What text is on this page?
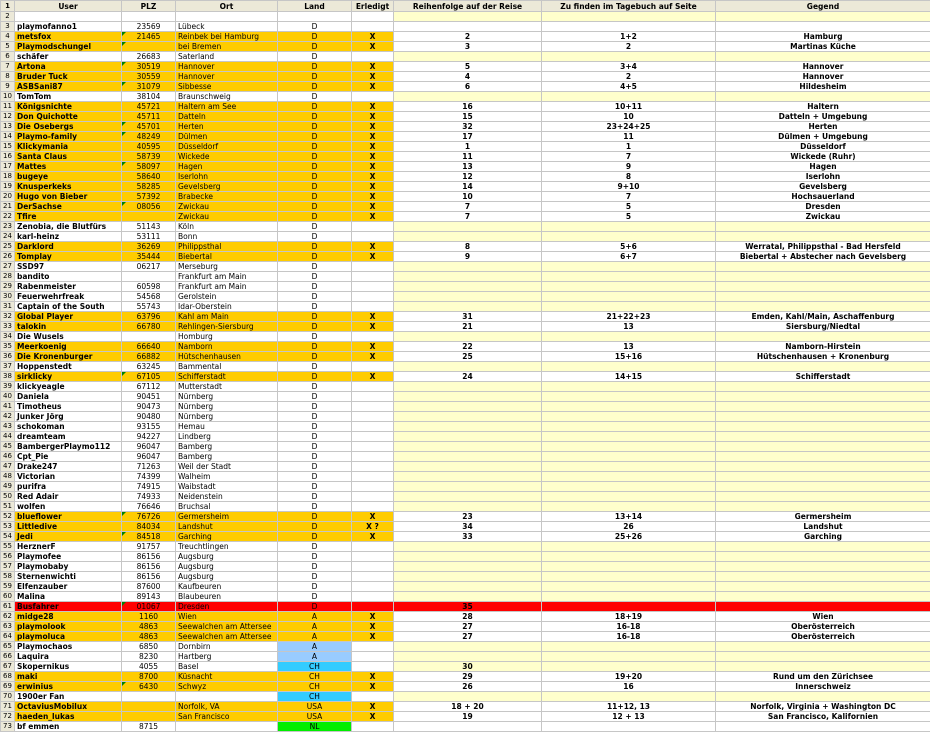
1	User	PLZ	Ort	Land	Erledigt	Reihenfolge auf der Reise	Zu finden im Tagebuch auf Seite	Gegend
2								
3	playmofanno1	23569	Lübeck	D				
4	metsfox	21465	Reinbek bei Hamburg	D	X	2	1+2	Hamburg
5	Playmodschungel		bei Bremen	D	X	3	2	Martinas Küche
6	schäfer	26683	Saterland	D				
7	Artona	30519	Hannover	D	X	5	3+4	Hannover
8	Bruder Tuck	30559	Hannover	D	X	4	2	Hannover
9	ASBSani87	31079	Sibbesse	D	X	6	4+5	Hildesheim
10	TomTom	38104	Braunschweig	D				
11	Königsnichte	45721	Haltern am See	D	X	16	10+11	Haltern
12	Don Quichotte	45711	Datteln	D	X	15	10	Datteln + Umgebung
13	Die Osebergs	45701	Herten	D	X	32	23+24+25	Herten
14	Playmo-family	48249	Dülmen	D	X	17	11	Dülmen + Umgebung
15	Klickymania	40595	Düsseldorf	D	X	1	1	Düsseldorf
16	Santa Claus	58739	Wickede	D	X	11	7	Wickede (Ruhr)
17	Mattes	58097	Hagen	D	X	13	9	Hagen
18	bugeye	58640	Iserlohn	D	X	12	8	Iserlohn
19	Knusperkeks	58285	Gevelsberg	D	X	14	9+10	Gevelsberg
20	Hugo von Bieber	57392	Brabecke	D	X	10	7	Hochsauerland
21	DerSachse	08056	Zwickau	D	X	7	5	Dresden
22	Tfire		Zwickau	D	X	7	5	Zwickau
23	Zenobia, die Blutfürs	51143	Köln	D				
24	karl-heinz	53111	Bonn	D				
25	Darklord	36269	Philippsthal	D	X	8	5+6	Werratal, Philippsthal - Bad Hersfeld
26	Tomplay	35444	Biebertal	D	X	9	6+7	Biebertal + Abstecher nach Gevelsberg
27	SSD97	06217	Merseburg	D				
28	bandito		Frankfurt am Main	D				
29	Rabenmeister	60598	Frankfurt am Main	D				
30	Feuerwehrfreak	54568	Gerolstein	D				
31	Captain of the South	55743	Idar-Oberstein	D				
32	Global Player	63796	Kahl am Main	D	X	31	21+22+23	Emden, Kahl/Main, Aschaffenburg
33	talokin	66780	Rehlingen-Siersburg	D	X	21	13	Siersburg/Niedtal
34	Die Wusels		Homburg	D				
35	Meerkoenig	66640	Namborn	D	X	22	13	Namborn-Hirstein
36	Die Kronenburger	66882	Hütschenhausen	D	X	25	15+16	Hütschenhausen + Kronenburg
37	Hoppenstedt	63245	Bammental	D				
38	sirklicky	67105	Schifferstadt	D	X	24	14+15	Schifferstadt
39	klickyeagle	67112	Mutterstadt	D				
40	Daniela	90451	Nürnberg	D				
41	Timotheus	90473	Nürnberg	D				
42	Junker Jörg	90480	Nürnberg	D				
43	schokoman	93155	Hemau	D				
44	dreamteam	94227	Lindberg	D				
45	BambergerPlaymo112	96047	Bamberg	D				
46	Cpt_Pie	96047	Bamberg	D				
47	Drake247	71263	Weil der Stadt	D				
48	Victorian	74399	Walheim	D				
49	purifra	74915	Waibstadt	D				
50	Red Adair	74933	Neidenstein	D				
51	wolfen	76646	Bruchsal	D				
52	blueflower	76726	Germersheim	D	X	23	13+14	Germersheim
53	Littledive	84034	Landshut	D	X ?	34	26	Landshut
54	Jedi	84518	Garching	D	X	33	25+26	Garching
55	HerznerF	91757	Treuchtlingen	D				
56	Playmofee	86156	Augsburg	D				
57	Playmobaby	86156	Augsburg	D				
58	Sternenwichti	86156	Augsburg	D				
59	Elfenzauber	87600	Kaufbeuren	D				
60	Malina	89143	Blaubeuren	D				
61	Busfahrer	01067	Dresden	D		35		
62	midge28	1160	Wien	A	X	28	18+19	Wien
63	playmolook	4863	Seewalchen am Attersee	A	X	27	16-18	Oberösterreich
64	playmoluca	4863	Seewalchen am Attersee	A	X	27	16-18	Oberösterreich
65	Playmochaos	6850	Dornbirn	A				
66	Laquira	8230	Hartberg	A				
67	Skopernikus	4055	Basel	CH		30		
68	maki	8700	Küsnacht	CH	X	29	19+20	Rund um den Zürichsee
69	erwinius	6430	Schwyz	CH	X	26	16	Innerschweiz
70	1900er Fan			CH				
71	OctaviusMobilux		Norfolk, VA	USA	X	18 + 20	11+12, 13	Norfolk, Virginia + Washington DC
72	haeden_lukas		San Francisco	USA	X	19	12 + 13	San Francisco, Kalifornien
73	bf emmen	8715		NL				
